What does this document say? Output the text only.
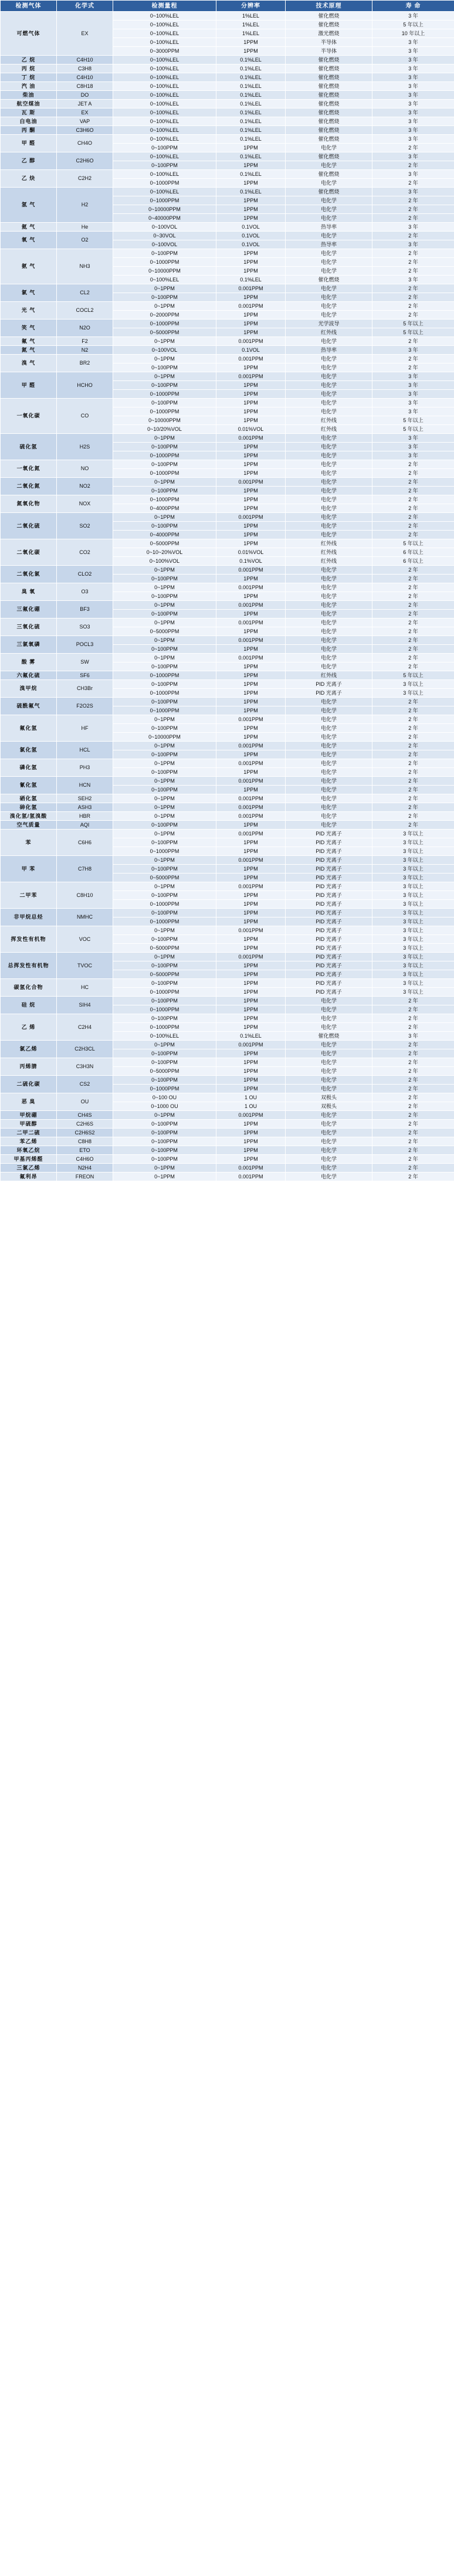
检测气体	化学式	检测量程	分辨率	技术原理	寿 命
可燃气体	EX	0~100%LEL	1%LEL	催化燃烧	3 年
		0~100%LEL	1%LEL	催化燃烧	5 年以上
		0~100%LEL	1%LEL	激光燃烧	10 年以上
		0~100%LEL	1PPM	半导体	3 年
		0~3000PPM	1PPM	半导体	3 年
乙 烷	C4H10	0~100%LEL	0.1%LEL	催化燃烧	3 年
丙 烷	C3H8	0~100%LEL	0.1%LEL	催化燃烧	3 年
丁 烷	C4H10	0~100%LEL	0.1%LEL	催化燃烧	3 年
汽 油	C8H18	0~100%LEL	0.1%LEL	催化燃烧	3 年
柴油	DO	0~100%LEL	0.1%LEL	催化燃烧	3 年
航空煤油	JET A	0~100%LEL	0.1%LEL	催化燃烧	3 年
瓦 斯	EX	0~100%LEL	0.1%LEL	催化燃烧	3 年
白电油	VAP	0~100%LEL	0.1%LEL	催化燃烧	3 年
丙 酮	C3H6O	0~100%LEL	0.1%LEL	催化燃烧	3 年
甲 醛	CH4O	0~100%LEL	0.1%LEL	催化燃烧	3 年
		0~100PPM	1PPM	电化学	2 年
乙 醇	C2H6O	0~100%LEL	0.1%LEL	催化燃烧	3 年
		0~100PPM	1PPM	电化学	2 年
乙 炔	C2H2	0~100%LEL	0.1%LEL	催化燃烧	3 年
		0~1000PPM	1PPM	电化学	2 年
氢 气	H2	0~100%LEL	0.1%LEL	催化燃烧	3 年
		0~1000PPM	1PPM	电化学	2 年
		0~10000PPM	1PPM	电化学	2 年
		0~40000PPM	1PPM	电化学	2 年
氦 气	He	0~100VOL	0.1VOL	热导率	3 年
氧 气	O2	0~30VOL	0.1VOL	电化学	2 年
		0~100VOL	0.1VOL	热导率	3 年
氨 气	NH3	0~100PPM	1PPM	电化学	2 年
		0~1000PPM	1PPM	电化学	2 年
		0~10000PPM	1PPM	电化学	2 年
		0~100%LEL	0.1%LEL	催化燃烧	3 年
氯 气	CL2	0~1PPM	0.001PPM	电化学	2 年
		0~100PPM	1PPM	电化学	2 年
光 气	COCL2	0~1PPM	0.001PPM	电化学	2 年
		0~2000PPM	1PPM	电化学	2 年
笑 气	N2O	0~1000PPM	1PPM	光学波导	5 年以上
		0~5000PPM	1PPM	红外线	5 年以上
氟 气	F2	0~1PPM	0.001PPM	电化学	2 年
氮 气	N2	0~100VOL	0.1VOL	热导率	3 年
溴 气	BR2	0~1PPM	0.001PPM	电化学	2 年
		0~100PPM	1PPM	电化学	2 年
甲 醛	HCHO	0~1PPM	0.001PPM	电化学	3 年
		0~100PPM	1PPM	电化学	3 年
		0~1000PPM	1PPM	电化学	3 年
一氧化碳	CO	0~100PPM	1PPM	电化学	3 年
		0~1000PPM	1PPM	电化学	3 年
		0~10000PPM	1PPM	红外线	5 年以上
		0~10/20%VOL	0.01%VOL	红外线	5 年以上
硫化氢	H2S	0~1PPM	0.001PPM	电化学	3 年
		0~100PPM	1PPM	电化学	3 年
		0~1000PPM	1PPM	电化学	3 年
一氧化氮	NO	0~100PPM	1PPM	电化学	2 年
		0~1000PPM	1PPM	电化学	2 年
二氧化氮	NO2	0~1PPM	0.001PPM	电化学	2 年
		0~100PPM	1PPM	电化学	2 年
氮氧化物	NOX	0~1000PPM	1PPM	电化学	2 年
		0~4000PPM	1PPM	电化学	2 年
二氧化硫	SO2	0~1PPM	0.001PPM	电化学	2 年
		0~100PPM	1PPM	电化学	2 年
		0~4000PPM	1PPM	电化学	2 年
二氧化碳	CO2	0~5000PPM	1PPM	红外线	5 年以上
		0~10~20%VOL	0.01%VOL	红外线	6 年以上
		0~100%VOL	0.1%VOL	红外线	6 年以上
二氧化氯	CLO2	0~1PPM	0.001PPM	电化学	2 年
		0~100PPM	1PPM	电化学	2 年
臭 氧	O3	0~1PPM	0.001PPM	电化学	2 年
		0~100PPM	1PPM	电化学	2 年
三氟化硼	BF3	0~1PPM	0.001PPM	电化学	2 年
		0~100PPM	1PPM	电化学	2 年
三氧化硫	SO3	0~1PPM	0.001PPM	电化学	2 年
		0~5000PPM	1PPM	电化学	2 年
三氯氧磷	POCL3	0~1PPM	0.001PPM	电化学	2 年
		0~100PPM	1PPM	电化学	2 年
酸 雾	SW	0~1PPM	0.001PPM	电化学	2 年
		0~100PPM	1PPM	电化学	2 年
六氟化硫	SF6	0~1000PPM	1PPM	红外线	5 年以上
溴甲烷	CH3Br	0~100PPM	1PPM	PID 光离子	3 年以上
		0~1000PPM	1PPM	PID 光离子	3 年以上
硫酰氟气	F2O2S	0~100PPM	1PPM	电化学	2 年
		0~1000PPM	1PPM	电化学	2 年
氟化氢	HF	0~1PPM	0.001PPM	电化学	2 年
		0~100PPM	1PPM	电化学	2 年
		0~10000PPM	1PPM	电化学	2 年
氯化氢	HCL	0~1PPM	0.001PPM	电化学	2 年
		0~100PPM	1PPM	电化学	2 年
磷化氢	PH3	0~1PPM	0.001PPM	电化学	2 年
		0~100PPM	1PPM	电化学	2 年
氰化氢	HCN	0~1PPM	0.001PPM	电化学	2 年
		0~100PPM	1PPM	电化学	2 年
硒化氢	SEH2	0~1PPM	0.001PPM	电化学	2 年
砷化氢	ASH3	0~1PPM	0.001PPM	电化学	2 年
溴化氢/氢溴酸	HBR	0~1PPM	0.001PPM	电化学	2 年
空气质量	AQI	0~100PPM	1PPM	电化学	2 年
苯	C6H6	0~1PPM	0.001PPM	PID 光离子	3 年以上
		0~100PPM	1PPM	PID 光离子	3 年以上
		0~1000PPM	1PPM	PID 光离子	3 年以上
甲 苯	C7H8	0~1PPM	0.001PPM	PID 光离子	3 年以上
		0~100PPM	1PPM	PID 光离子	3 年以上
		0~5000PPM	1PPM	PID 光离子	3 年以上
二甲苯	C8H10	0~1PPM	0.001PPM	PID 光离子	3 年以上
		0~100PPM	1PPM	PID 光离子	3 年以上
		0~1000PPM	1PPM	PID 光离子	3 年以上
非甲烷总烃	NMHC	0~100PPM	1PPM	PID 光离子	3 年以上
		0~1000PPM	1PPM	PID 光离子	3 年以上
挥发性有机物	VOC	0~1PPM	0.001PPM	PID 光离子	3 年以上
		0~100PPM	1PPM	PID 光离子	3 年以上
		0~5000PPM	1PPM	PID 光离子	3 年以上
总挥发性有机物	TVOC	0~1PPM	0.001PPM	PID 光离子	3 年以上
		0~100PPM	1PPM	PID 光离子	3 年以上
		0~5000PPM	1PPM	PID 光离子	3 年以上
碳氢化合物	HC	0~100PPM	1PPM	PID 光离子	3 年以上
		0~1000PPM	1PPM	PID 光离子	3 年以上
硅 烷	SIH4	0~100PPM	1PPM	电化学	2 年
		0~1000PPM	1PPM	电化学	2 年
乙 烯	C2H4	0~100PPM	1PPM	电化学	2 年
		0~1000PPM	1PPM	电化学	2 年
		0~100%LEL	0.1%LEL	催化燃烧	3 年
氯乙烯	C2H3CL	0~1PPM	0.001PPM	电化学	2 年
		0~100PPM	1PPM	电化学	2 年
丙烯腈	C3H3N	0~100PPM	1PPM	电化学	2 年
		0~5000PPM	1PPM	电化学	2 年
二硫化碳	CS2	0~100PPM	1PPM	电化学	2 年
		0~1000PPM	1PPM	电化学	2 年
恶 臭	OU	0~100 OU	1 OU	双极头	2 年
		0~1000 OU	1 OU	双极头	2 年
甲烷硼	CH4S	0~1PPM	0.001PPM	电化学	2 年
甲硫醇	C2H6S	0~100PPM	1PPM	电化学	2 年
二甲二硫	C2H6S2	0~100PPM	1PPM	电化学	2 年
苯乙烯	C8H8	0~100PPM	1PPM	电化学	2 年
环氧乙烷	ETO	0~100PPM	1PPM	电化学	2 年
甲基丙烯醛	C4H6O	0~100PPM	1PPM	电化学	2 年
三氯乙烯	N2H4	0~1PPM	0.001PPM	电化学	2 年
氟利昂	FREON	0~1PPM	0.001PPM	电化学	2 年
